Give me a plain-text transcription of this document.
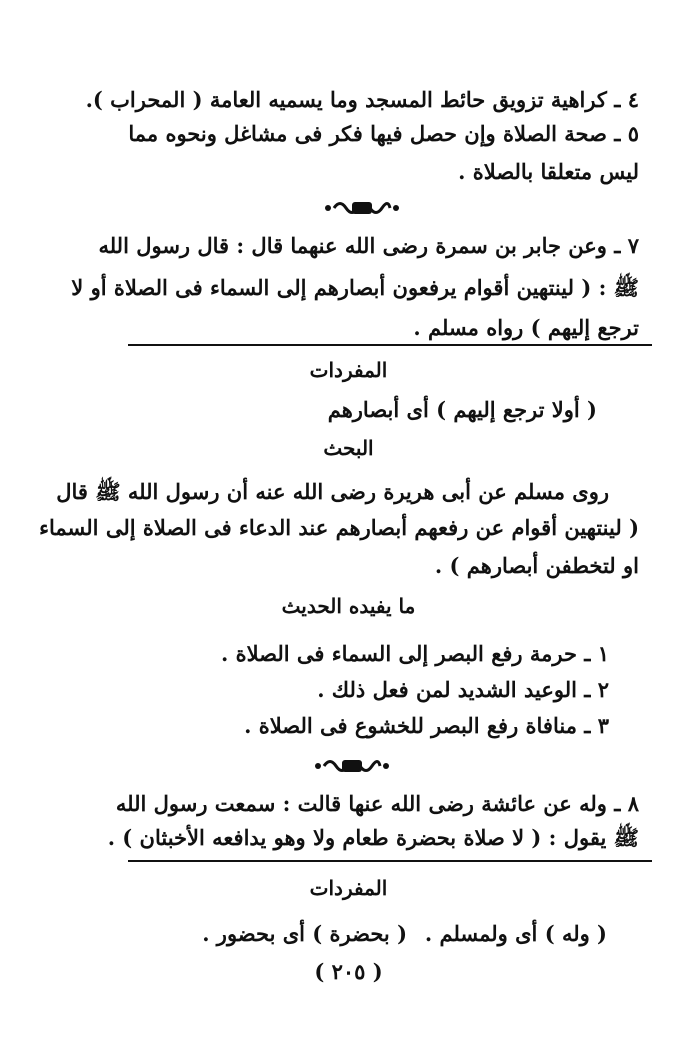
٤ ـ كراهية تزويق حائط المسجد وما يسميه العامة ( المحراب ).
٥ ـ صحة الصلاة وإن حصل فيها فكر فى مشاغل ونحوه مما
ليس متعلقا بالصلاة .
٧ ـ وعن جابر بن سمرة رضى الله عنهما قال : قال رسول الله
ﷺ : ( لينتهين أقوام يرفعون أبصارهم إلى السماء فى الصلاة أو لا
ترجع إليهم ) رواه مسلم .
المفردات
( أولا ترجع إليهم ) أى أبصارهم
البحث
روى مسلم عن أبى هريرة رضى الله عنه أن رسول الله ﷺ قال
( لينتهين أقوام عن رفعهم أبصارهم عند الدعاء فى الصلاة إلى السماء
او لتخطفن أبصارهم ) .
ما يفيده الحديث
١ ـ حرمة رفع البصر إلى السماء فى الصلاة .
٢ ـ الوعيد الشديد لمن فعل ذلك .
٣ ـ منافاة رفع البصر للخشوع فى الصلاة .
٨ ـ وله عن عائشة رضى الله عنها قالت : سمعت رسول الله
ﷺ يقول : ( لا صلاة بحضرة طعام ولا وهو يدافعه الأخبثان ) .
المفردات
( وله ) أى ولمسلم .
( بحضرة ) أى بحضور .
( ٢٠٥ )
